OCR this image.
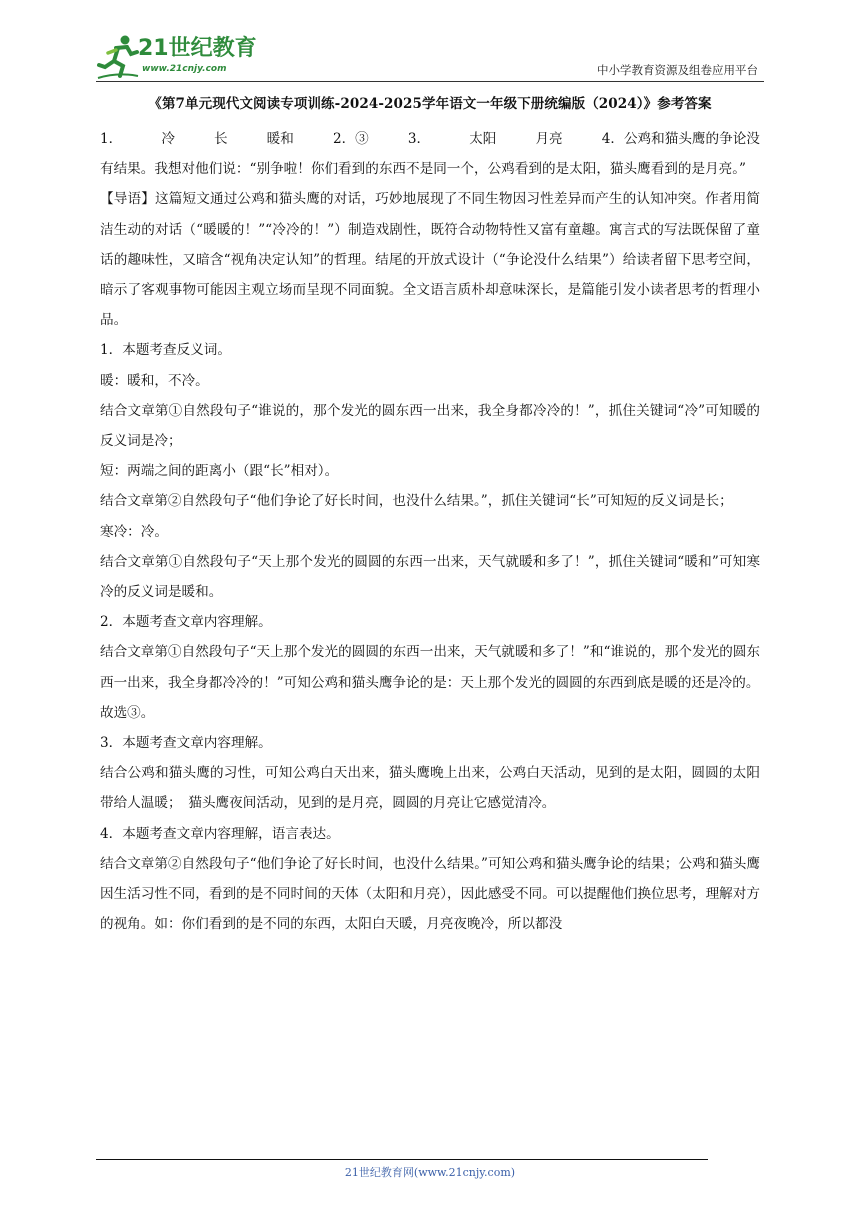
21世纪教育
www.21cnjy.com	中小学教育资源及组卷应用平台
《第7单元现代文阅读专项训练-2024-2025学年语文一年级下册统编版（2024）》参考答案
1．	冷	长	暖和	2．③	3．	太阳	月亮	4．公鸡和猫头鹰的争论没

有结果。我想对他们说：“别争啦！你们看到的东西不是同一个，公鸡看到的是太阳，猫头鹰看到的是月亮。”

【导语】这篇短文通过公鸡和猫头鹰的对话，巧妙地展现了不同生物因习性差异而产生的认知冲突。作者用简洁生动的对话（“暖暖的！”“冷冷的！”）制造戏剧性，既符合动物特性又富有童趣。寓言式的写法既保留了童话的趣味性，又暗含“视角决定认知”的哲理。结尾的开放式设计（“争论没什么结果”）给读者留下思考空间，暗示了客观事物可能因主观立场而呈现不同面貌。全文语言质朴却意味深长，是篇能引发小读者思考的哲理小品。

1．本题考查反义词。

暖：暖和，不冷。

结合文章第①自然段句子“谁说的，那个发光的圆东西一出来，我全身都冷冷的！”，抓住关键词“冷”可知暖的反义词是冷；

短：两端之间的距离小（跟“长”相对）。

结合文章第②自然段句子“他们争论了好长时间，也没什么结果。”，抓住关键词“长”可知短的反义词是长；

寒冷：冷。

结合文章第①自然段句子“天上那个发光的圆圆的东西一出来，天气就暖和多了！”，抓住关键词“暖和”可知寒冷的反义词是暖和。

2．本题考查文章内容理解。

结合文章第①自然段句子“天上那个发光的圆圆的东西一出来，天气就暖和多了！”和“谁说的，那个发光的圆东西一出来，我全身都冷冷的！”可知公鸡和猫头鹰争论的是：天上那个发光的圆圆的东西到底是暖的还是冷的。

故选③。

3．本题考查文章内容理解。

结合公鸡和猫头鹰的习性，可知公鸡白天出来，猫头鹰晚上出来，公鸡白天活动，见到的是太阳，圆圆的太阳带给人温暖；　猫头鹰夜间活动，见到的是月亮，圆圆的月亮让它感觉清冷。

4．本题考查文章内容理解，语言表达。

结合文章第②自然段句子“他们争论了好长时间，也没什么结果。”可知公鸡和猫头鹰争论的结果；公鸡和猫头鹰因生活习性不同，看到的是不同时间的天体（太阳和月亮），因此感受不同。可以提醒他们换位思考，理解对方的视角。如：你们看到的是不同的东西，太阳白天暖，月亮夜晚冷，所以都没

21世纪教育网(www.21cnjy.com)
